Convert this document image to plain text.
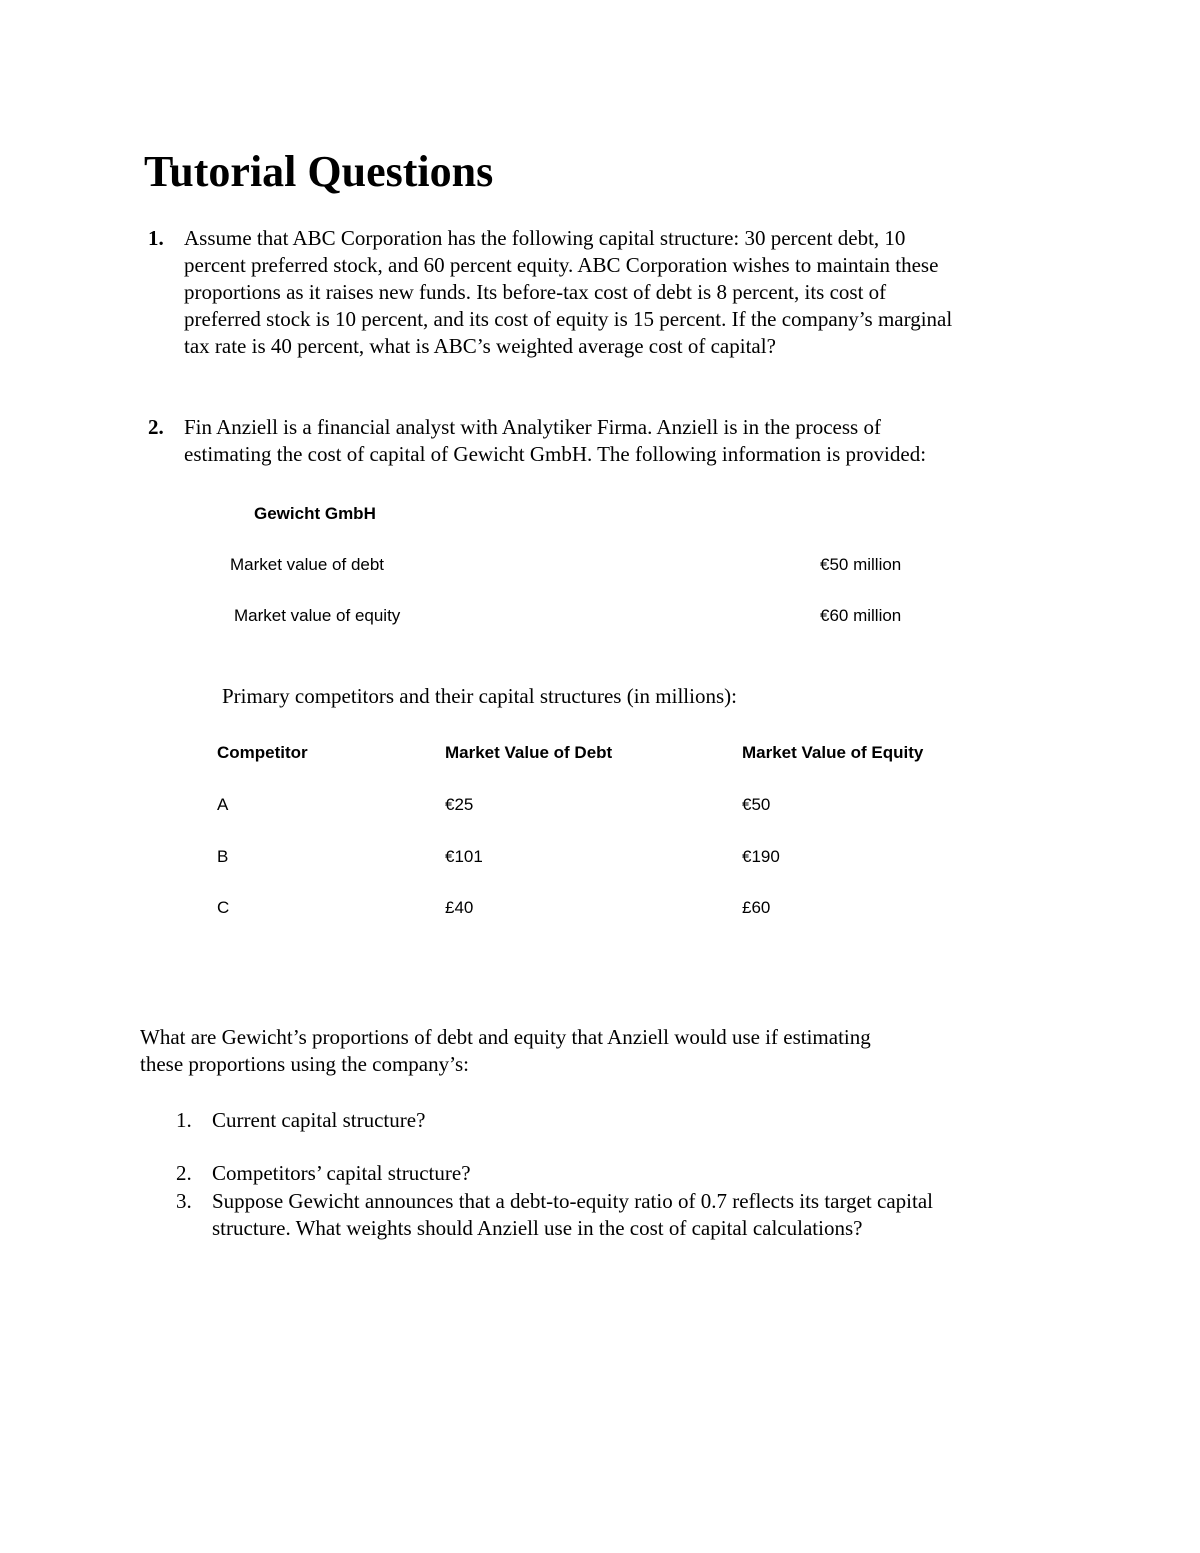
Tutorial Questions
1. Assume that ABC Corporation has the following capital structure: 30 percent debt, 10
percent preferred stock, and 60 percent equity. ABC Corporation wishes to maintain these
proportions as it raises new funds. Its before-tax cost of debt is 8 percent, its cost of
preferred stock is 10 percent, and its cost of equity is 15 percent. If the company’s marginal
tax rate is 40 percent, what is ABC’s weighted average cost of capital?
2. Fin Anziell is a financial analyst with Analytiker Firma. Anziell is in the process of
estimating the cost of capital of Gewicht GmbH. The following information is provided:
Gewicht GmbH
Market value of debt	€50 million
Market value of equity	€60 million
Primary competitors and their capital structures (in millions):
Competitor	Market Value of Debt	Market Value of Equity
A	€25	€50
B	€101	€190
C	£40	£60
What are Gewicht’s proportions of debt and equity that Anziell would use if estimating
these proportions using the company’s:
1. Current capital structure?
2. Competitors’ capital structure?
3. Suppose Gewicht announces that a debt-to-equity ratio of 0.7 reflects its target capital
structure. What weights should Anziell use in the cost of capital calculations?
